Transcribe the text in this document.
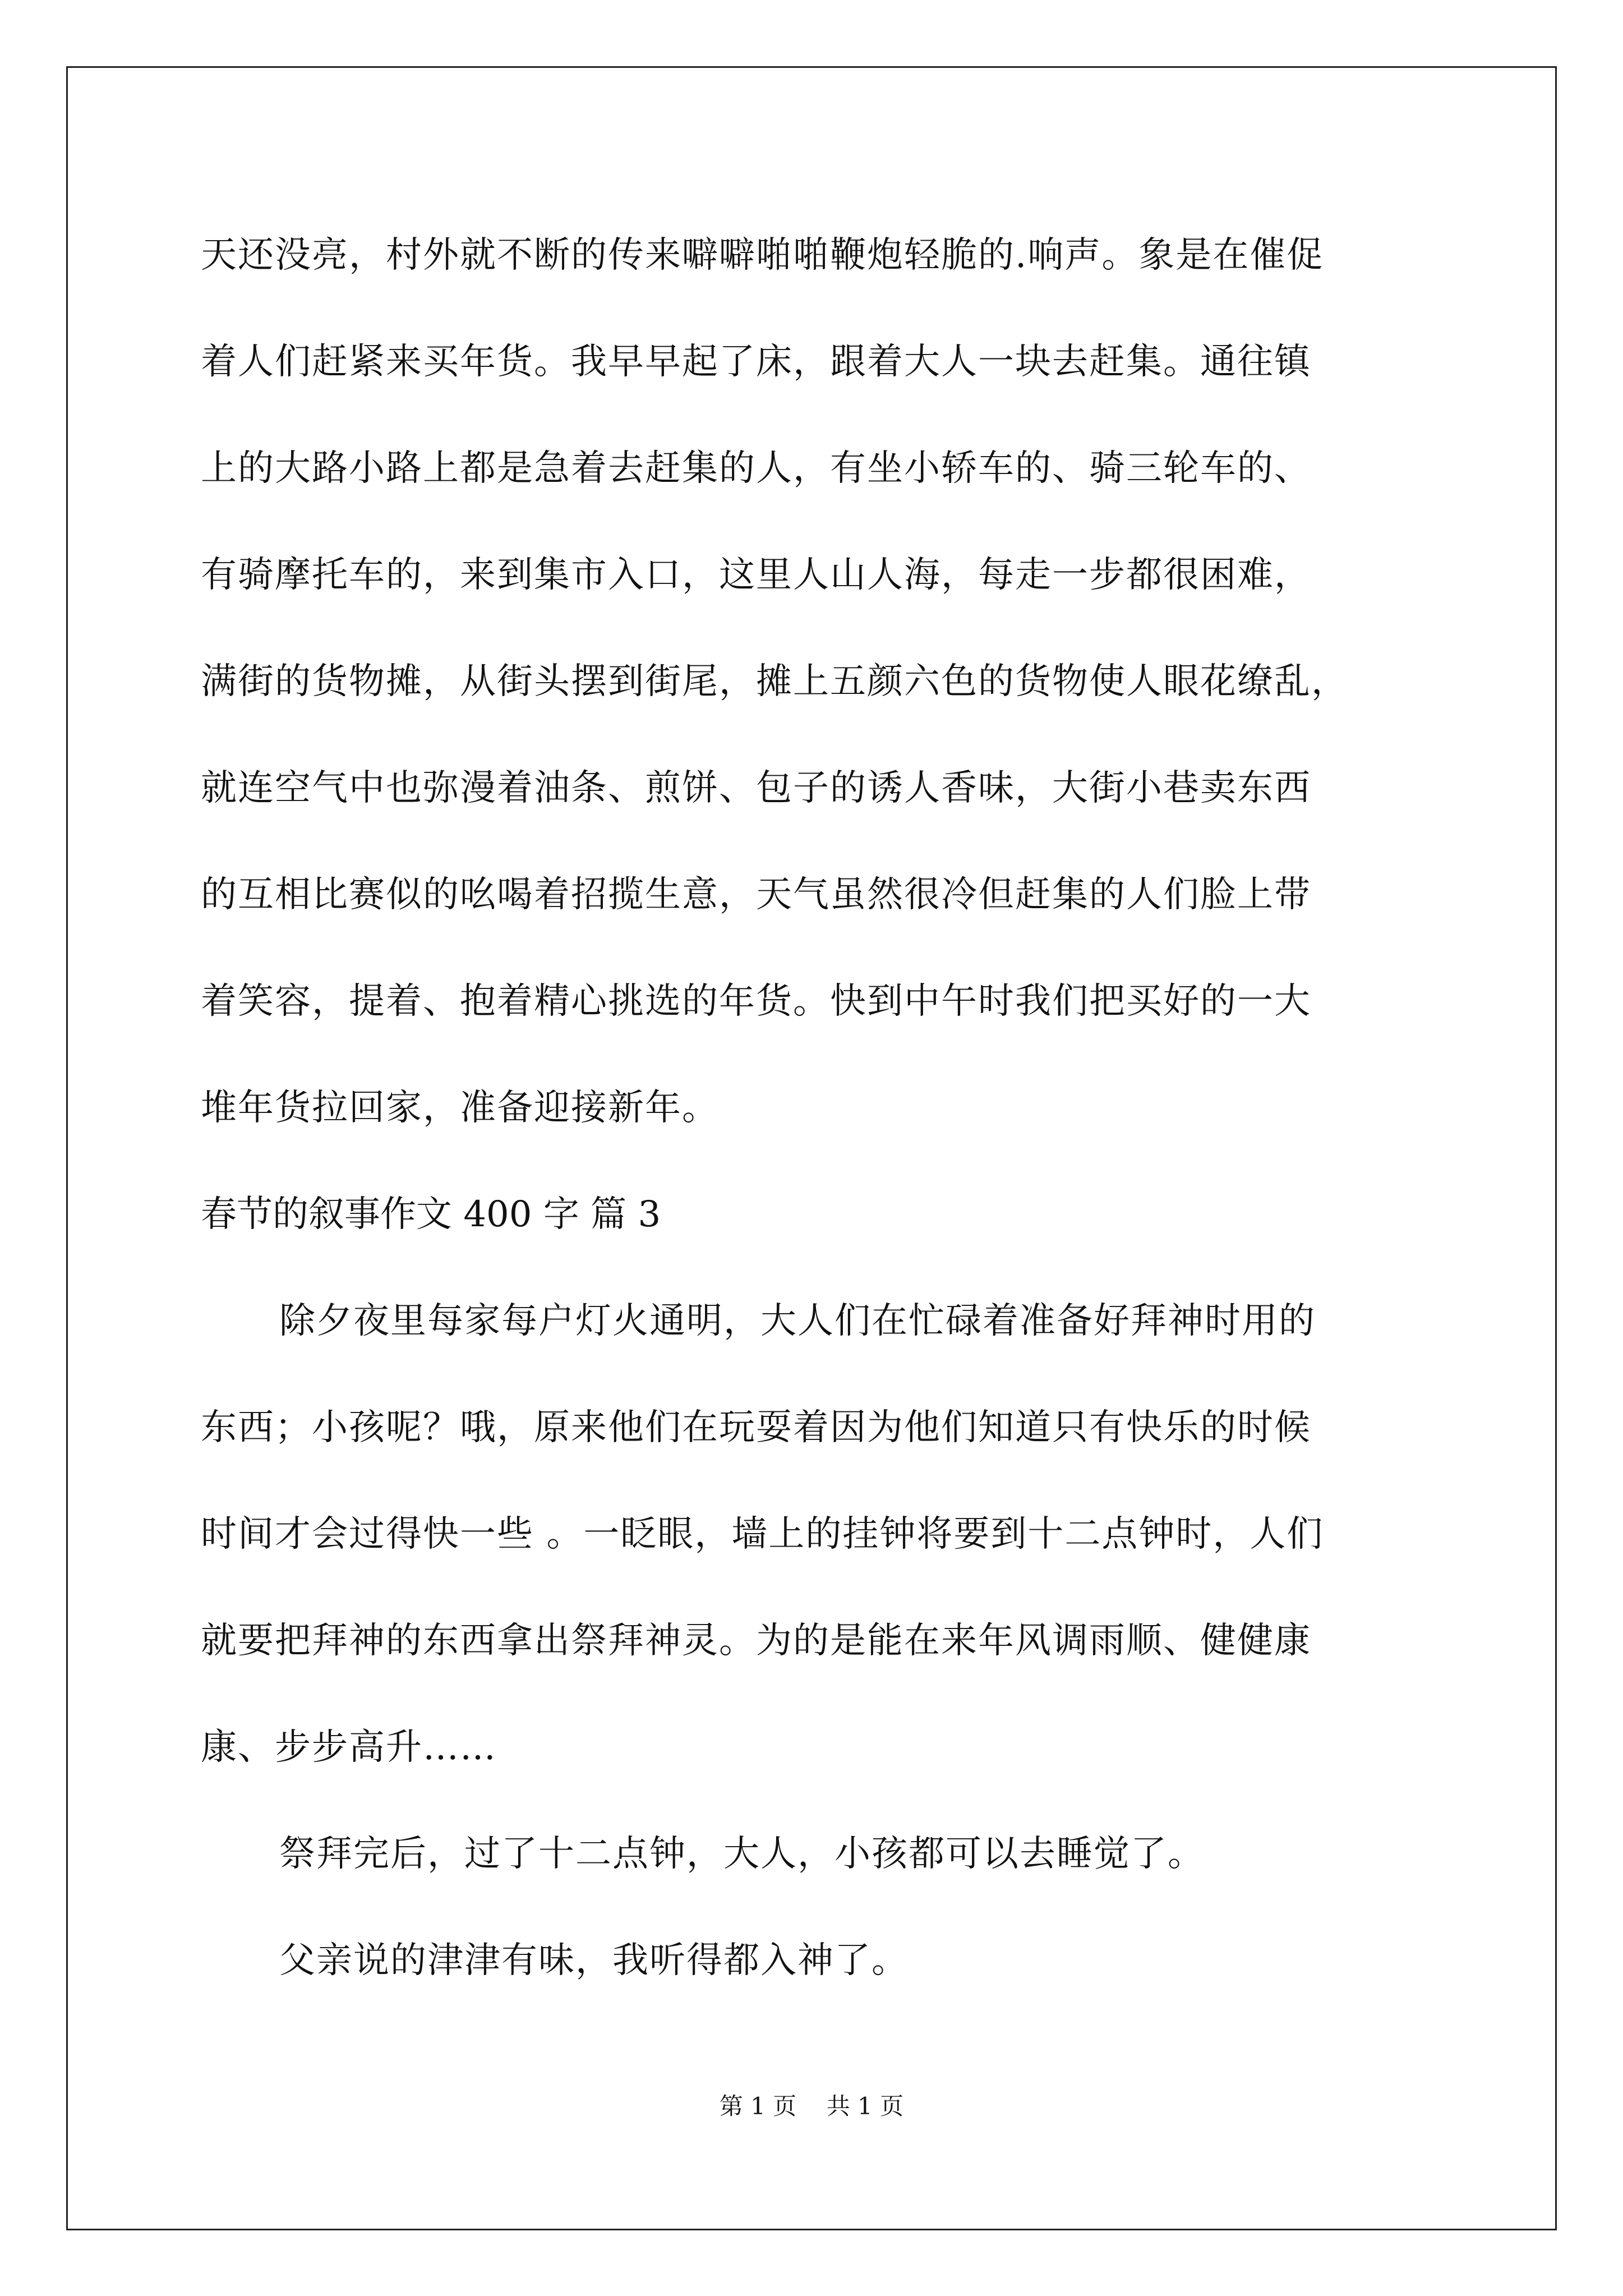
天还没亮，村外就不断的传来噼噼啪啪鞭炮轻脆的.响声。象是在催促
着人们赶紧来买年货。我早早起了床，跟着大人一块去赶集。通往镇
上的大路小路上都是急着去赶集的人，有坐小轿车的、骑三轮车的、
有骑摩托车的，来到集市入口，这里人山人海，每走一步都很困难，
满街的货物摊，从街头摆到街尾，摊上五颜六色的货物使人眼花缭乱，
就连空气中也弥漫着油条、煎饼、包子的诱人香味，大街小巷卖东西
的互相比赛似的吆喝着招揽生意，天气虽然很冷但赶集的人们脸上带
着笑容，提着、抱着精心挑选的年货。快到中午时我们把买好的一大
堆年货拉回家，准备迎接新年。
春节的叙事作文 400 字 篇 3
除夕夜里每家每户灯火通明，大人们在忙碌着准备好拜神时用的
东西；小孩呢？哦，原来他们在玩耍着因为他们知道只有快乐的时候
时间才会过得快一些 。一眨眼，墙上的挂钟将要到十二点钟时，人们
就要把拜神的东西拿出祭拜神灵。为的是能在来年风调雨顺、健健康
康、步步高升……
祭拜完后，过了十二点钟，大人，小孩都可以去睡觉了。
父亲说的津津有味，我听得都入神了。
第 1 页    共 1 页
